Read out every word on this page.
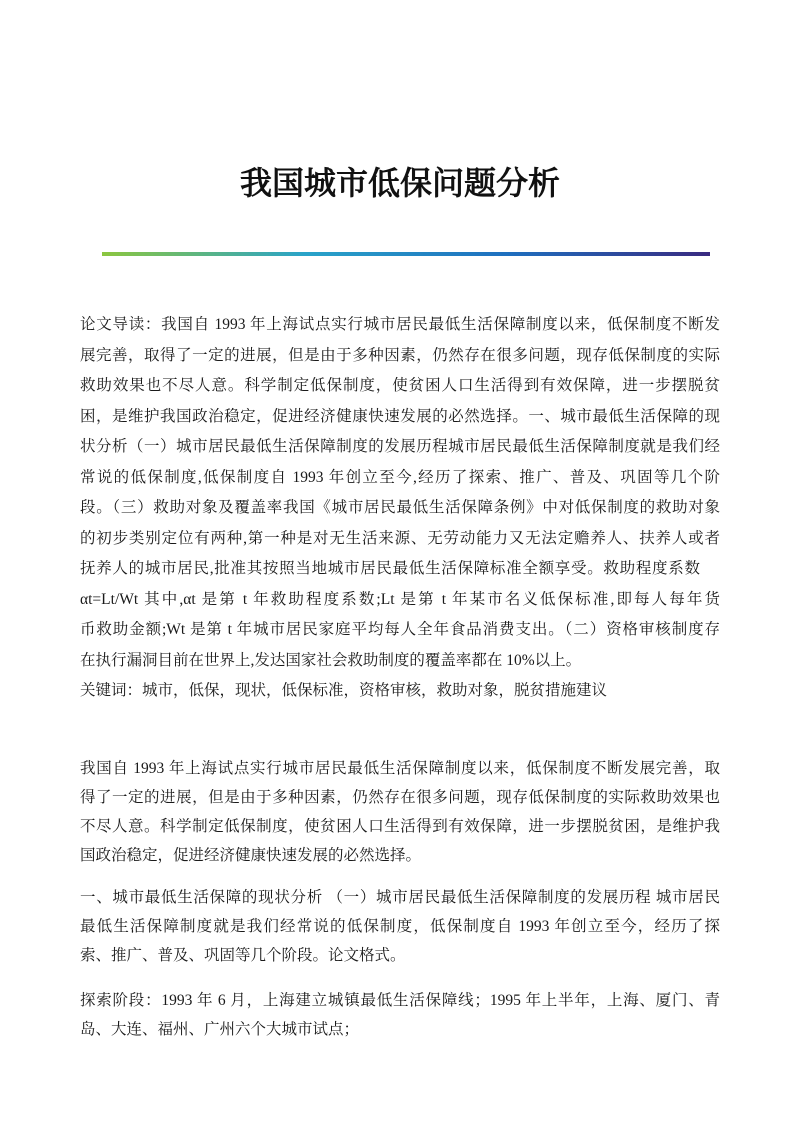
我国城市低保问题分析
论文导读：我国自 1993 年上海试点实行城市居民最低生活保障制度以来，低保制度不断发
展完善，取得了一定的进展，但是由于多种因素，仍然存在很多问题，现存低保制度的实际
救助效果也不尽人意。科学制定低保制度，使贫困人口生活得到有效保障，进一步摆脱贫
困，是维护我国政治稳定，促进经济健康快速发展的必然选择。一、城市最低生活保障的现
状分析（一）城市居民最低生活保障制度的发展历程城市居民最低生活保障制度就是我们经
常说的低保制度,低保制度自 1993 年创立至今,经历了探索、推广、普及、巩固等几个阶
段。（三）救助对象及覆盖率我国《城市居民最低生活保障条例》中对低保制度的救助对象
的初步类别定位有两种,第一种是对无生活来源、无劳动能力又无法定赡养人、扶养人或者
抚养人的城市居民,批准其按照当地城市居民最低生活保障标准全额享受。救助程度系数
αt=Lt/Wt 其中,αt 是第 t 年救助程度系数;Lt 是第 t 年某市名义低保标准,即每人每年货
币救助金额;Wt 是第 t 年城市居民家庭平均每人全年食品消费支出。（二）资格审核制度存
在执行漏洞目前在世界上,发达国家社会救助制度的覆盖率都在 10%以上。
关键词：城市，低保，现状，低保标准，资格审核，救助对象，脱贫措施建议
我国自 1993 年上海试点实行城市居民最低生活保障制度以来，低保制度不断发展完善，取
得了一定的进展，但是由于多种因素，仍然存在很多问题，现存低保制度的实际救助效果也
不尽人意。科学制定低保制度，使贫困人口生活得到有效保障，进一步摆脱贫困，是维护我
国政治稳定，促进经济健康快速发展的必然选择。
一、城市最低生活保障的现状分析 （一）城市居民最低生活保障制度的发展历程 城市居民
最低生活保障制度就是我们经常说的低保制度，低保制度自 1993 年创立至今，经历了探
索、推广、普及、巩固等几个阶段。论文格式。
探索阶段：1993 年 6 月，上海建立城镇最低生活保障线；1995 年上半年，上海、厦门、青
岛、大连、福州、广州六个大城市试点；
